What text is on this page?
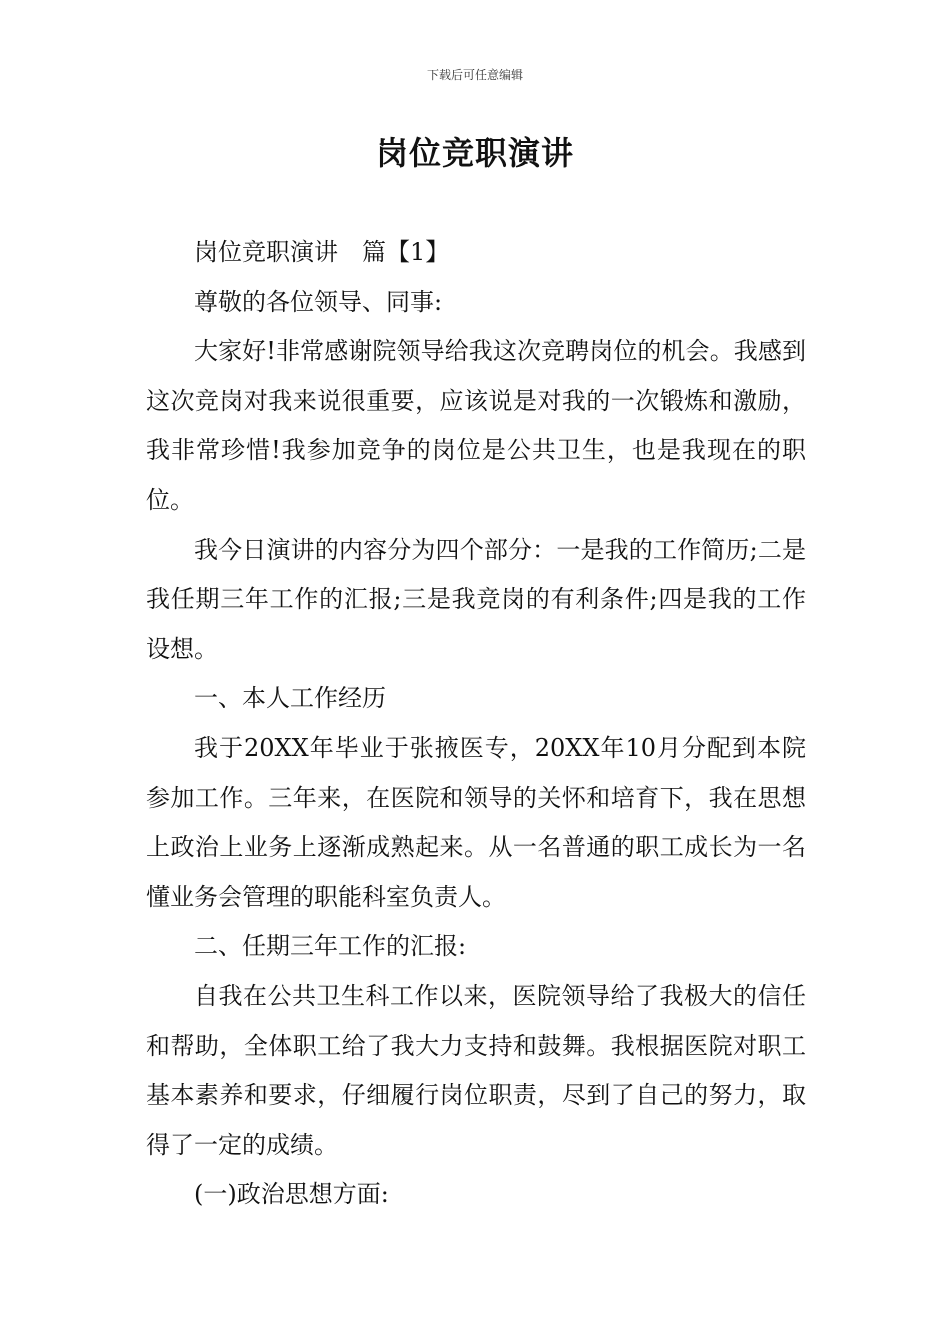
下载后可任意编辑
岗位竞职演讲

岗位竞职演讲　篇【1】

尊敬的各位领导、同事:

大家好!非常感谢院领导给我这次竞聘岗位的机会。我感到这次竞岗对我来说很重要，应该说是对我的一次锻炼和激励，我非常珍惜!我参加竞争的岗位是公共卫生，也是我现在的职位。

我今日演讲的内容分为四个部分：一是我的工作简历;二是我任期三年工作的汇报;三是我竞岗的有利条件;四是我的工作设想。

一、本人工作经历

我于20XX年毕业于张掖医专，20XX年10月分配到本院参加工作。三年来，在医院和领导的关怀和培育下，我在思想上政治上业务上逐渐成熟起来。从一名普通的职工成长为一名懂业务会管理的职能科室负责人。

二、任期三年工作的汇报:

自我在公共卫生科工作以来，医院领导给了我极大的信任和帮助，全体职工给了我大力支持和鼓舞。我根据医院对职工基本素养和要求，仔细履行岗位职责，尽到了自己的努力，取得了一定的成绩。

(一)政治思想方面:
